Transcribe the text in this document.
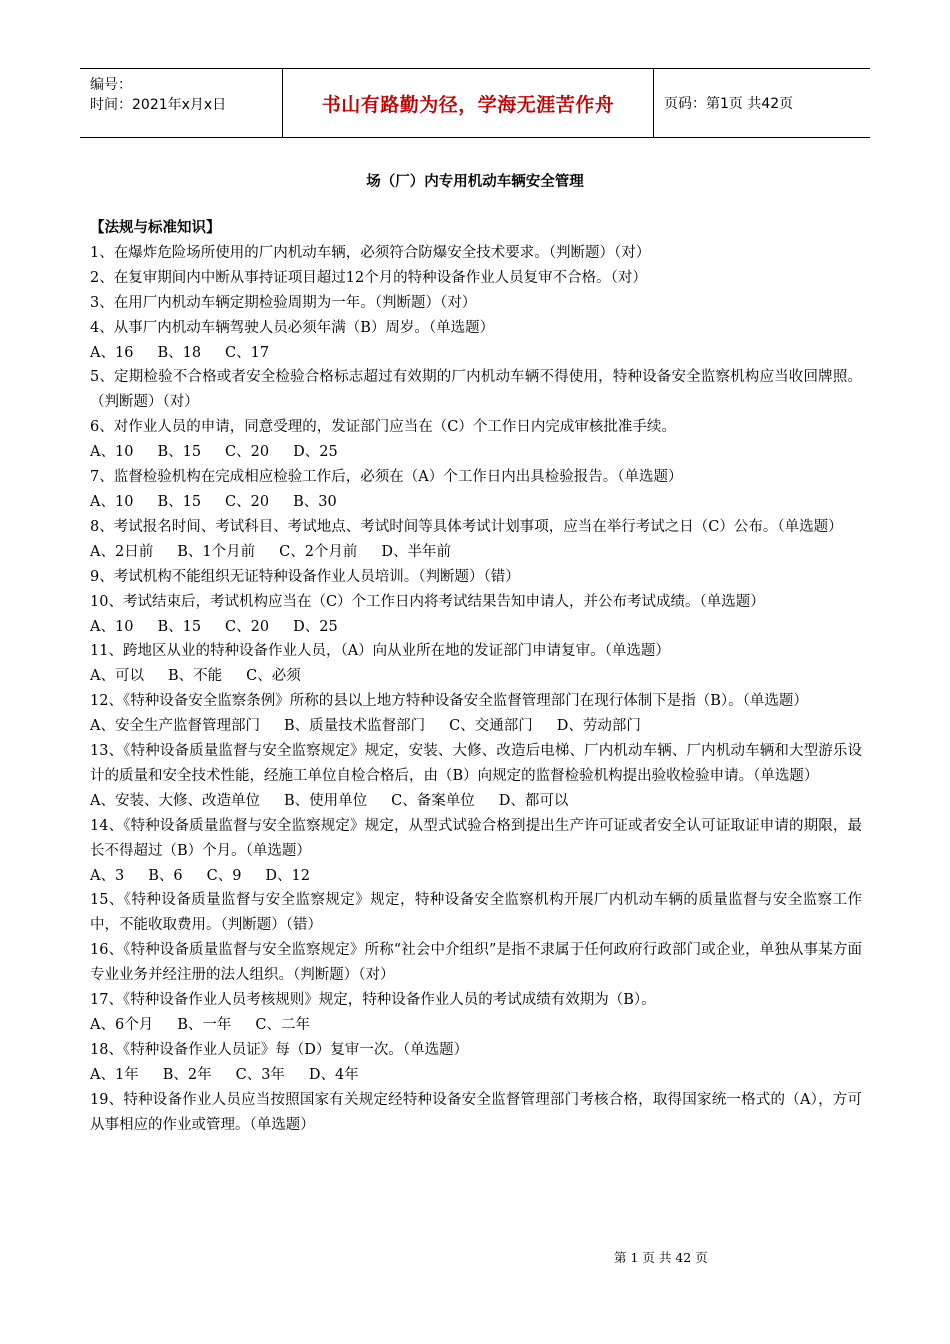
编号：
时间：2021年x月x日	书山有路勤为径，学海无涯苦作舟	页码：第1页 共42页
场（厂）内专用机动车辆安全管理
【法规与标准知识】
1、在爆炸危险场所使用的厂内机动车辆，必须符合防爆安全技术要求。（判断题）（对）
2、在复审期间内中断从事持证项目超过12个月的特种设备作业人员复审不合格。（对）
3、在用厂内机动车辆定期检验周期为一年。（判断题）（对）
4、从事厂内机动车辆驾驶人员必须年满（B）周岁。（单选题）
A、16 B、18 C、17
5、定期检验不合格或者安全检验合格标志超过有效期的厂内机动车辆不得使用，特种设备安全监察机构应当收回牌照。（判断题）（对）
6、对作业人员的申请，同意受理的，发证部门应当在（C）个工作日内完成审核批准手续。
A、10 B、15 C、20 D、25
7、监督检验机构在完成相应检验工作后，必须在（A）个工作日内出具检验报告。（单选题）
A、10 B、15 C、20 B、30
8、考试报名时间、考试科目、考试地点、考试时间等具体考试计划事项，应当在举行考试之日（C）公布。（单选题）
A、2日前 B、1个月前 C、2个月前 D、半年前
9、考试机构不能组织无证特种设备作业人员培训。（判断题）（错）
10、考试结束后，考试机构应当在（C）个工作日内将考试结果告知申请人，并公布考试成绩。（单选题）
A、10 B、15 C、20 D、25
11、跨地区从业的特种设备作业人员，（A）向从业所在地的发证部门申请复审。（单选题）
A、可以 B、不能 C、必须
12、《特种设备安全监察条例》所称的县以上地方特种设备安全监督管理部门在现行体制下是指（B）。（单选题）
A、安全生产监督管理部门 B、质量技术监督部门 C、交通部门 D、劳动部门
13、《特种设备质量监督与安全监察规定》规定，安装、大修、改造后电梯、厂内机动车辆、厂内机动车辆和大型游乐设计的质量和安全技术性能，经施工单位自检合格后，由（B）向规定的监督检验机构提出验收检验申请。（单选题）
A、安装、大修、改造单位 B、使用单位 C、备案单位 D、都可以
14、《特种设备质量监督与安全监察规定》规定，从型式试验合格到提出生产许可证或者安全认可证取证申请的期限，最长不得超过（B）个月。（单选题）
A、3 B、6 C、9 D、12
15、《特种设备质量监督与安全监察规定》规定，特种设备安全监察机构开展厂内机动车辆的质量监督与安全监察工作中，不能收取费用。（判断题）（错）
16、《特种设备质量监督与安全监察规定》所称“社会中介组织”是指不隶属于任何政府行政部门或企业，单独从事某方面专业业务并经注册的法人组织。（判断题）（对）
17、《特种设备作业人员考核规则》规定，特种设备作业人员的考试成绩有效期为（B）。
A、6个月 B、一年 C、二年
18、《特种设备作业人员证》每（D）复审一次。（单选题）
A、1年 B、2年 C、3年 D、4年
19、特种设备作业人员应当按照国家有关规定经特种设备安全监督管理部门考核合格，取得国家统一格式的（A），方可从事相应的作业或管理。（单选题）
第 1 页 共 42 页
